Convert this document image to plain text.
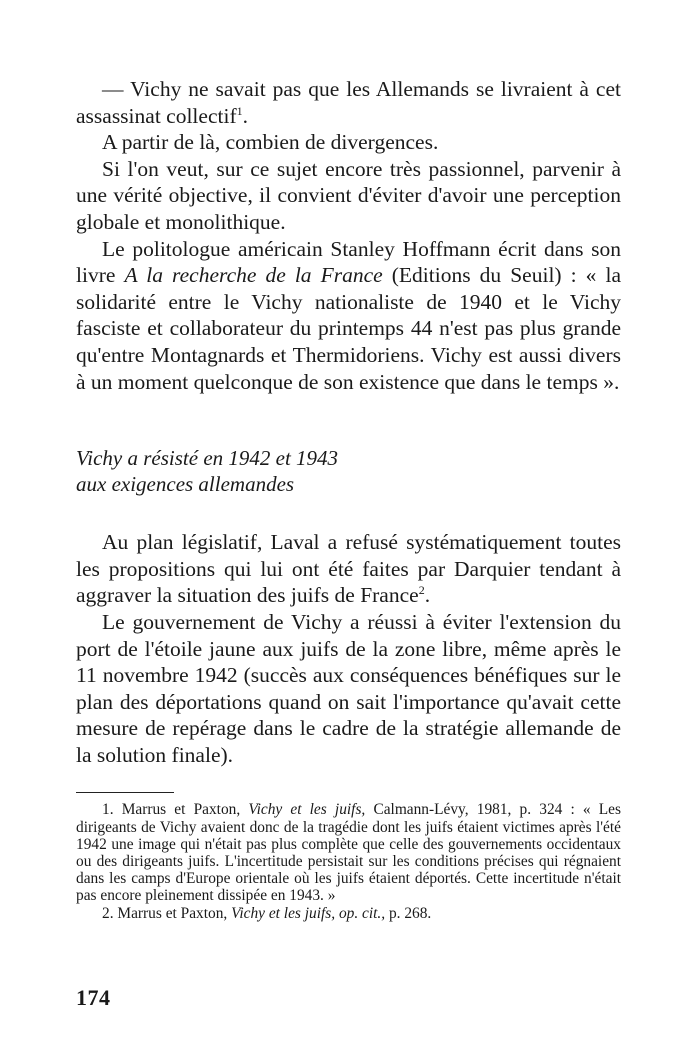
— Vichy ne savait pas que les Allemands se livraient à cet assassinat collectif$^1$.

A partir de là, combien de divergences.

Si l'on veut, sur ce sujet encore très passionnel, parvenir à une vérité objective, il convient d'éviter d'avoir une perception globale et monolithique.

Le politologue américain Stanley Hoffmann écrit dans son livre A la recherche de la France (Editions du Seuil) : « la solidarité entre le Vichy nationaliste de 1940 et le Vichy fasciste et collaborateur du printemps 44 n'est pas plus grande qu'entre Montagnards et Thermidoriens. Vichy est aussi divers à un moment quelconque de son existence que dans le temps ».

Vichy a résisté en 1942 et 1943
aux exigences allemandes

Au plan législatif, Laval a refusé systématiquement toutes les propositions qui lui ont été faites par Darquier tendant à aggraver la situation des juifs de France$^2$.

Le gouvernement de Vichy a réussi à éviter l'extension du port de l'étoile jaune aux juifs de la zone libre, même après le 11 novembre 1942 (succès aux conséquences bénéfiques sur le plan des déportations quand on sait l'importance qu'avait cette mesure de repérage dans le cadre de la stratégie allemande de la solution finale).

1. Marrus et Paxton, Vichy et les juifs, Calmann-Lévy, 1981, p. 324 : « Les dirigeants de Vichy avaient donc de la tragédie dont les juifs étaient victimes après l'été 1942 une image qui n'était pas plus complète que celle des gouvernements occidentaux ou des dirigeants juifs. L'incertitude persistait sur les conditions précises qui régnaient dans les camps d'Europe orientale où les juifs étaient déportés. Cette incertitude n'était pas encore pleinement dissipée en 1943. »

2. Marrus et Paxton, Vichy et les juifs, op. cit., p. 268.

174
